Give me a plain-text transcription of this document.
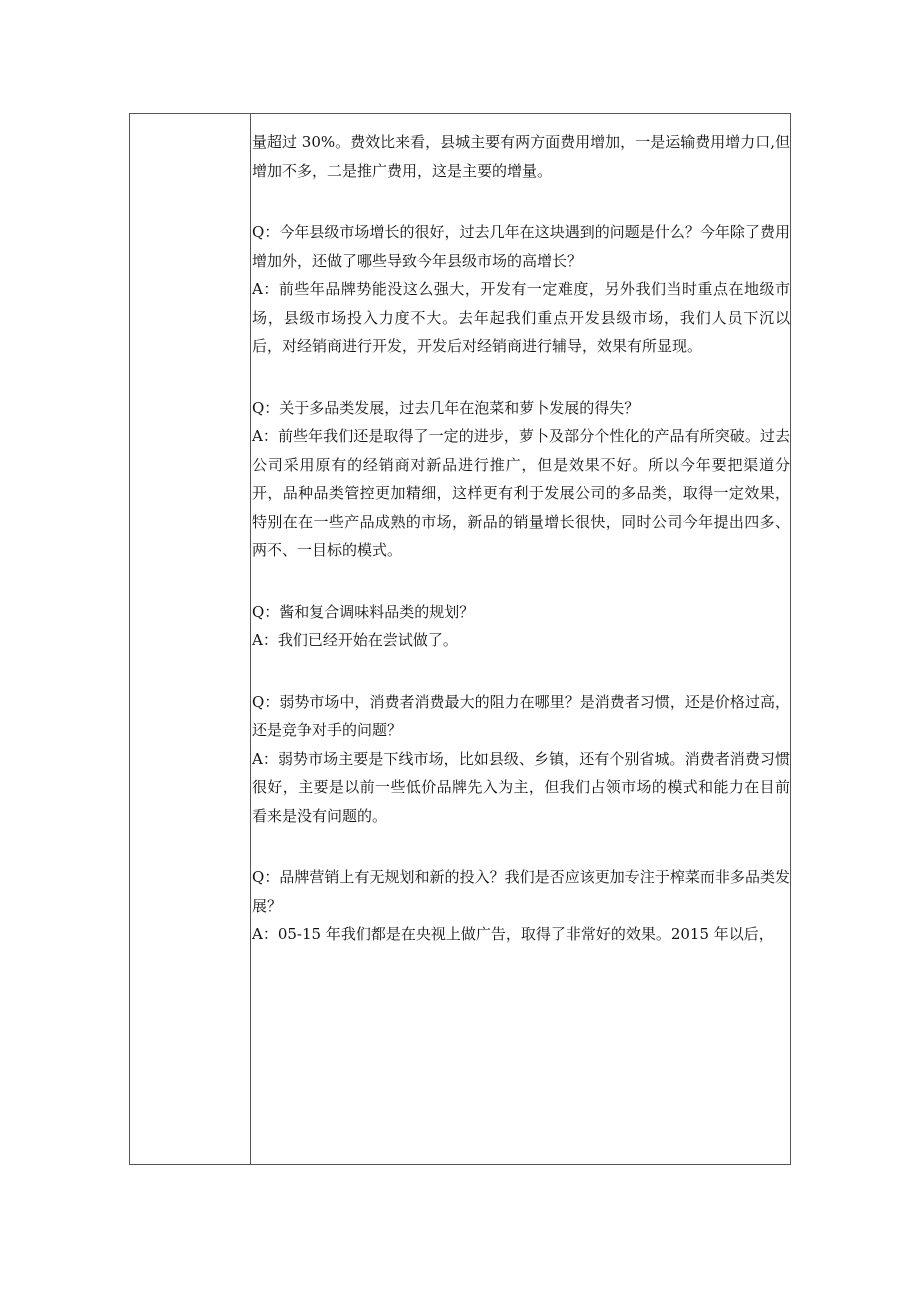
量超过 30%。费效比来看，县城主要有两方面费用增加，一是运输费用增力口,但增加不多，二是推广费用，这是主要的增量。

Q：今年县级市场增长的很好，过去几年在这块遇到的问题是什么？今年除了费用增加外，还做了哪些导致今年县级市场的高增长？

A：前些年品牌势能没这么强大，开发有一定难度，另外我们当时重点在地级市场，县级市场投入力度不大。去年起我们重点开发县级市场，我们人员下沉以后，对经销商进行开发，开发后对经销商进行辅导，效果有所显现。

Q：关于多品类发展，过去几年在泡菜和萝卜发展的得失？

A：前些年我们还是取得了一定的进步，萝卜及部分个性化的产品有所突破。过去公司采用原有的经销商对新品进行推广，但是效果不好。所以今年要把渠道分开，品种品类管控更加精细，这样更有利于发展公司的多品类，取得一定效果，特别在在一些产品成熟的市场，新品的销量增长很快，同时公司今年提出四多、两不、一目标的模式。

Q：酱和复合调味料品类的规划？

A：我们已经开始在尝试做了。

Q：弱势市场中，消费者消费最大的阻力在哪里？是消费者习惯，还是价格过高，还是竞争对手的问题？

A：弱势市场主要是下线市场，比如县级、乡镇，还有个别省城。消费者消费习惯很好，主要是以前一些低价品牌先入为主，但我们占领市场的模式和能力在目前看来是没有问题的。

Q：品牌营销上有无规划和新的投入？我们是否应该更加专注于榨菜而非多品类发展？

A：05-15 年我们都是在央视上做广告，取得了非常好的效果。2015 年以后，
